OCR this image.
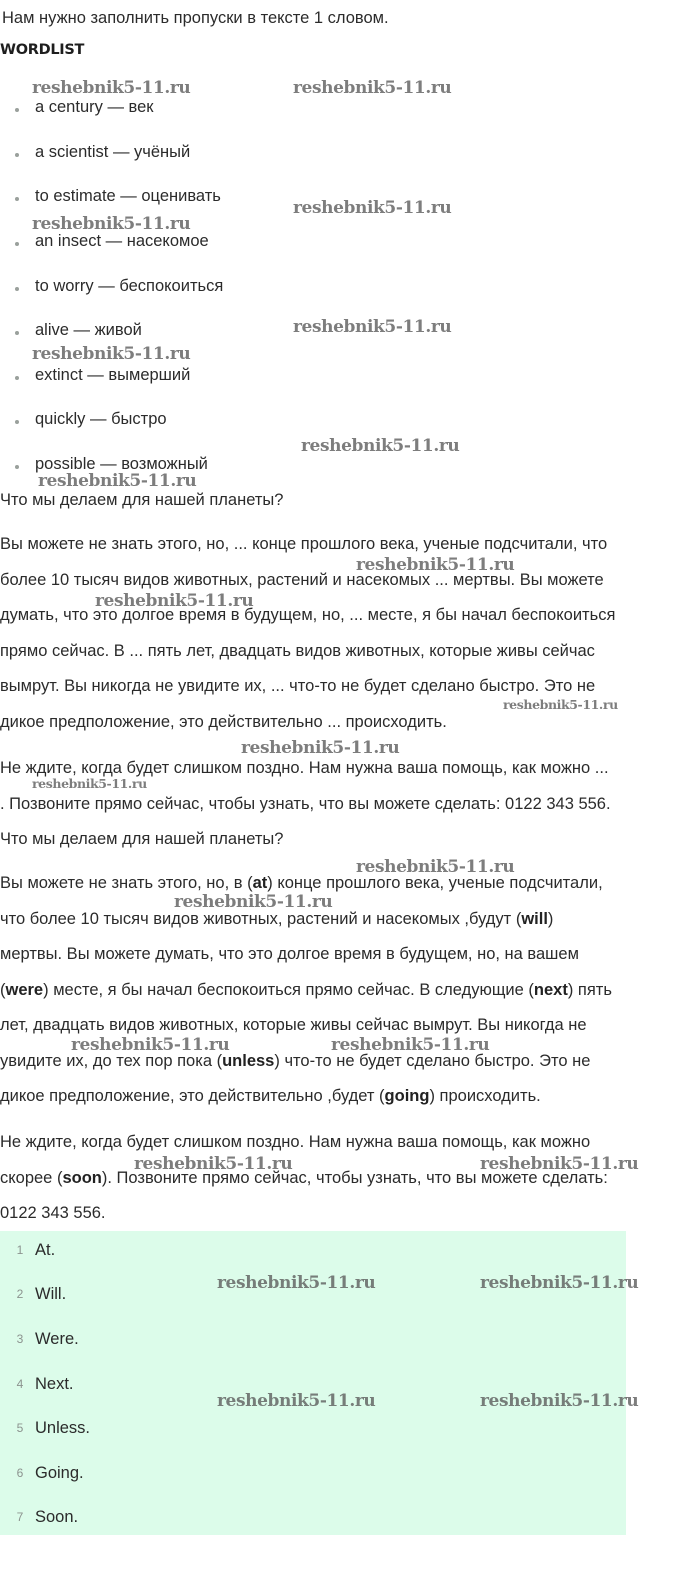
Нам нужно заполнить пропуски в тексте 1 словом.
WORDLIST
a century — век
a scientist — учёный
to estimate — оценивать
an insect — насекомое
to worry — беспокоиться
alive — живой
extinct — вымерший
quickly — быстро
possible — возможный
Что мы делаем для нашей планеты?
Вы можете не знать этого, но, ... конце прошлого века, ученые подсчитали, что
более 10 тысяч видов животных, растений и насекомых ... мертвы. Вы можете
думать, что это долгое время в будущем, но, ... месте, я бы начал беспокоиться
прямо сейчас. В ... пять лет, двадцать видов животных, которые живы сейчас
вымрут. Вы никогда не увидите их, ... что-то не будет сделано быстро. Это не
дикое предположение, это действительно ... происходить.
Не ждите, когда будет слишком поздно. Нам нужна ваша помощь, как можно ...
. Позвоните прямо сейчас, чтобы узнать, что вы можете сделать: 0122 343 556.
Что мы делаем для нашей планеты?
Вы можете не знать этого, но, в (at) конце прошлого века, ученые подсчитали,
что более 10 тысяч видов животных, растений и насекомых ,будут (will)
мертвы. Вы можете думать, что это долгое время в будущем, но, на вашем
(were) месте, я бы начал беспокоиться прямо сейчас. В следующие (next) пять
лет, двадцать видов животных, которые живы сейчас вымрут. Вы никогда не
увидите их, до тех пор пока (unless) что-то не будет сделано быстро. Это не
дикое предположение, это действительно ,будет (going) происходить.
Не ждите, когда будет слишком поздно. Нам нужна ваша помощь, как можно
скорее (soon). Позвоните прямо сейчас, чтобы узнать, что вы можете сделать:
0122 343 556.
1 At.
2 Will.
3 Were.
4 Next.
5 Unless.
6 Going.
7 Soon.
reshebnik5-11.ru	reshebnik5-11.ru
reshebnik5-11.ru
reshebnik5-11.ru
reshebnik5-11.ru
reshebnik5-11.ru
reshebnik5-11.ru
reshebnik5-11.ru
reshebnik5-11.ru
reshebnik5-11.ru
reshebnik5-11.ru
reshebnik5-11.ru
reshebnik5-11.ru
reshebnik5-11.ru
reshebnik5-11.ru
reshebnik5-11.ru	reshebnik5-11.ru
reshebnik5-11.ru	reshebnik5-11.ru
reshebnik5-11.ru	reshebnik5-11.ru
reshebnik5-11.ru	reshebnik5-11.ru
